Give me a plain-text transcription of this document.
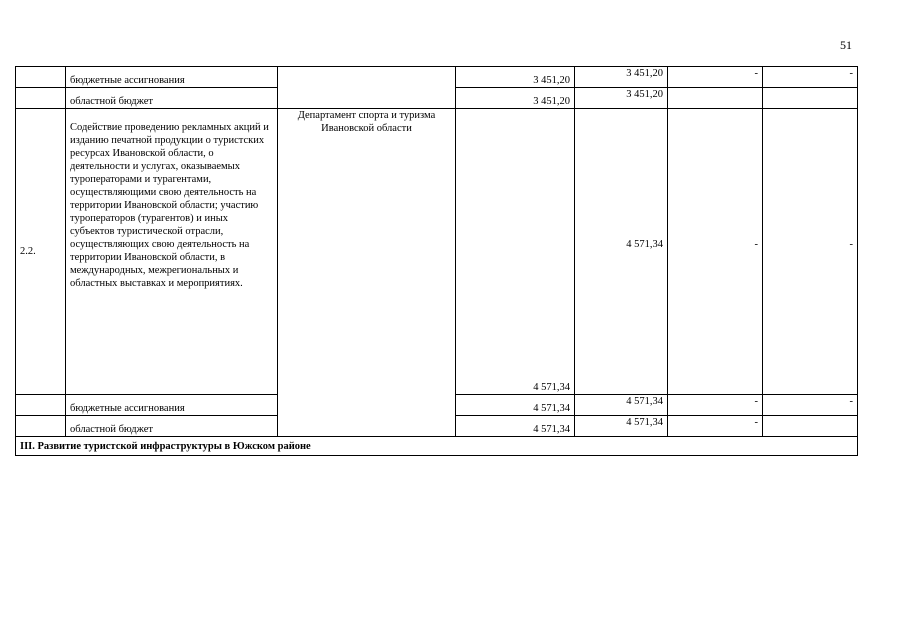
51
	бюджетные ассигнования		3 451,20	3 451,20	-	-
	областной бюджет		3 451,20	3 451,20		
2.2.	Содействие проведению рекламных акций и изданию печатной продукции о туристских ресурсах Ивановской области, о деятельности и услугах, оказываемых туроператорами и турагентами, осуществляющими свою деятельность на территории Ивановской области; участию туроператоров (турагентов) и иных субъектов туристической отрасли, осуществляющих свою деятельность на территории Ивановской области, в международных, межрегиональных и областных выставках и мероприятиях.	Департамент спорта и туризма Ивановской области	4 571,34	4 571,34	-	-
	бюджетные ассигнования		4 571,34	4 571,34	-	-
	областной бюджет		4 571,34	4 571,34	-	
III. Развитие туристской инфраструктуры в Южском районе						
